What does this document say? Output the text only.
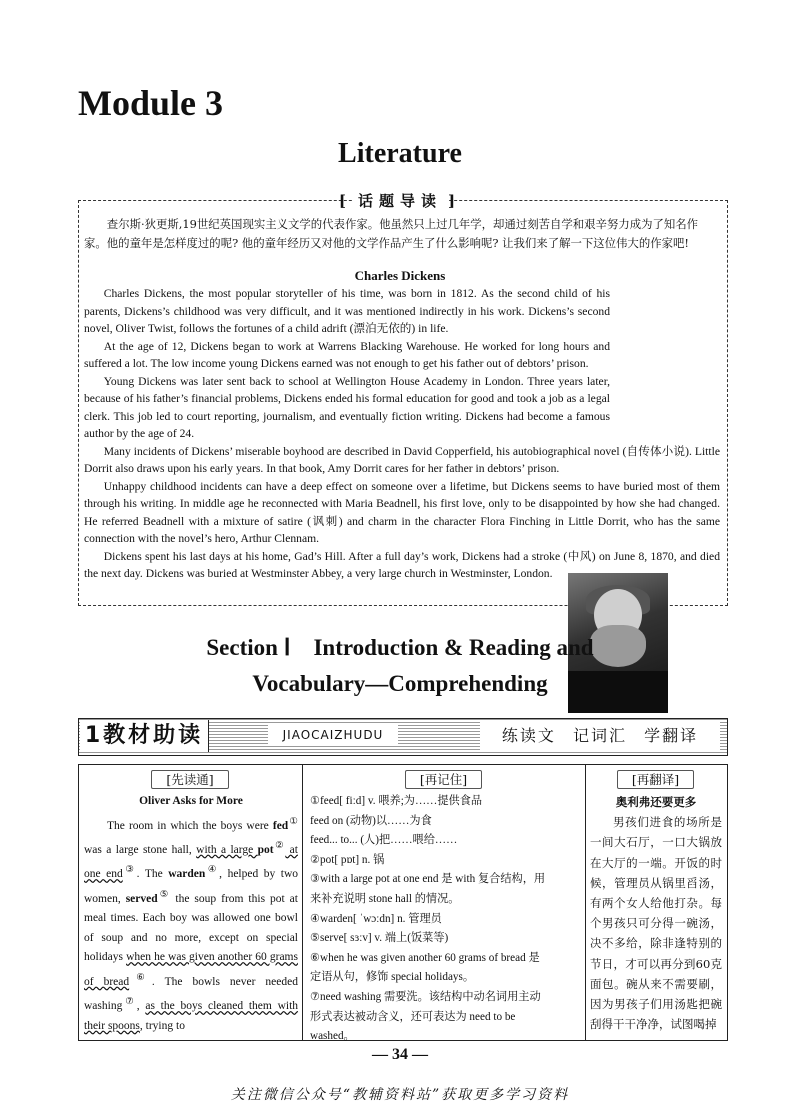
Module 3
Literature
[ 话题导读 ]
查尔斯·狄更斯,19世纪英国现实主义文学的代表作家。他虽然只上过几年学，却通过刻苦自学和艰辛努力成为了知名作家。他的童年是怎样度过的呢? 他的童年经历又对他的文学作品产生了什么影响呢? 让我们来了解一下这位伟大的作家吧!
Charles Dickens

Charles Dickens, the most popular storyteller of his time, was born in 1812. As the second child of his parents, Dickens’s childhood was very difficult, and it was mentioned indirectly in his work. Dickens’s second novel, Oliver Twist, follows the fortunes of a child adrift (漂泊无依的) in life.

At the age of 12, Dickens began to work at Warrens Blacking Warehouse. He worked for long hours and suffered a lot. The low income young Dickens earned was not enough to get his father out of debtors’ prison.

Young Dickens was later sent back to school at Wellington House Academy in London. Three years later, because of his father’s financial problems, Dickens ended his formal education for good and took a job as a legal clerk. This job led to court reporting, journalism, and eventually fiction writing. Dickens had become a famous author by the age of 24.

Many incidents of Dickens’ miserable boyhood are described in David Copperfield, his autobiographical novel (自传体小说). Little Dorrit also draws upon his early years. In that book, Amy Dorrit cares for her father in debtors’ prison.

Unhappy childhood incidents can have a deep effect on someone over a lifetime, but Dickens seems to have buried most of them through his writing. In middle age he reconnected with Maria Beadnell, his first love, only to be disappointed by how she had changed. He referred Beadnell with a mixture of satire (讽刺) and charm in the character Flora Finching in Little Dorrit, who has the same connection with the novel’s hero, Arthur Clennam.

Dickens spent his last days at his home, Gad’s Hill. After a full day’s work, Dickens had a stroke (中风) on June 8, 1870, and died the next day. Dickens was buried at Westminster Abbey, a very large church in Westminster, London.

Section Ⅰ    Introduction & Reading and
Vocabulary—Comprehending
1教材助读	JIAOCAIZHUDU	练读文 记词汇 学翻译
[先读通]	[再记住]	[再翻译]
Oliver Asks for More
The room in which the boys were fed① was a large stone hall, with a large pot② at one end③. The warden④, helped by two women, served⑤ the soup from this pot at meal times. Each boy was allowed one bowl of soup and no more, except on special holidays when he was given another 60 grams of bread⑥. The bowls never needed washing⑦, as the boys cleaned them with their spoons, trying to
①feed[ fiːd] v. 喂养;为……提供食品
feed on (动物)以……为食
feed... to... (人)把……喂给……
②pot[ pɒt] n. 锅
③with a large pot at one end 是 with 复合结构，用来补充说明 stone hall 的情况。
④warden[ ˈwɔːdn] n. 管理员
⑤serve[ sɜːv] v. 端上(饭菜等)
⑥when he was given another 60 grams of bread 是定语从句，修饰 special holidays。
⑦need washing 需要洗。该结构中动名词用主动形式表达被动含义，还可表达为 need to be washed。
奥利弗还要更多
男孩们进食的场所是一间大石厅，一口大锅放在大厅的一端。开饭的时候，管理员从锅里舀汤，有两个女人给他打杂。每个男孩只可分得一碗汤，决不多给，除非逢特别的节日，才可以再分到60克面包。碗从来不需要刷，因为男孩子们用汤匙把碗刮得干干净净，试图喝掉
— 34 —
关注微信公众号“教辅资料站”获取更多学习资料
